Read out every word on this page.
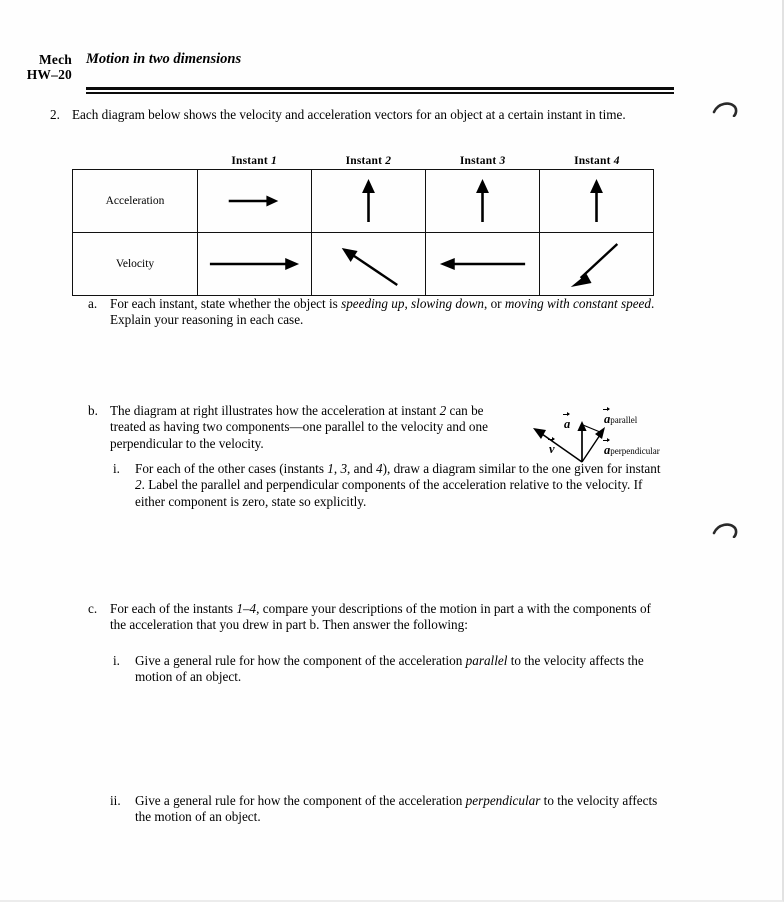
Mech
HW–20
Motion in two dimensions
2. Each diagram below shows the velocity and acceleration vectors for an object at a certain instant in time.
Instant 1	Instant 2	Instant 3	Instant 4
Acceleration
Velocity
a. For each instant, state whether the object is speeding up, slowing down, or moving with constant speed. Explain your reasoning in each case.
b. The diagram at right illustrates how the acceleration at instant 2 can be treated as having two components—one parallel to the velocity and one perpendicular to the velocity.	v
a	aparallel
aperpendicular
i. For each of the other cases (instants 1, 3, and 4), draw a diagram similar to the one given for instant 2. Label the parallel and perpendicular components of the acceleration relative to the velocity. If either component is zero, state so explicitly.
c. For each of the instants 1–4, compare your descriptions of the motion in part a with the components of the acceleration that you drew in part b. Then answer the following:
i. Give a general rule for how the component of the acceleration parallel to the velocity affects the motion of an object.
ii. Give a general rule for how the component of the acceleration perpendicular to the velocity affects the motion of an object.
